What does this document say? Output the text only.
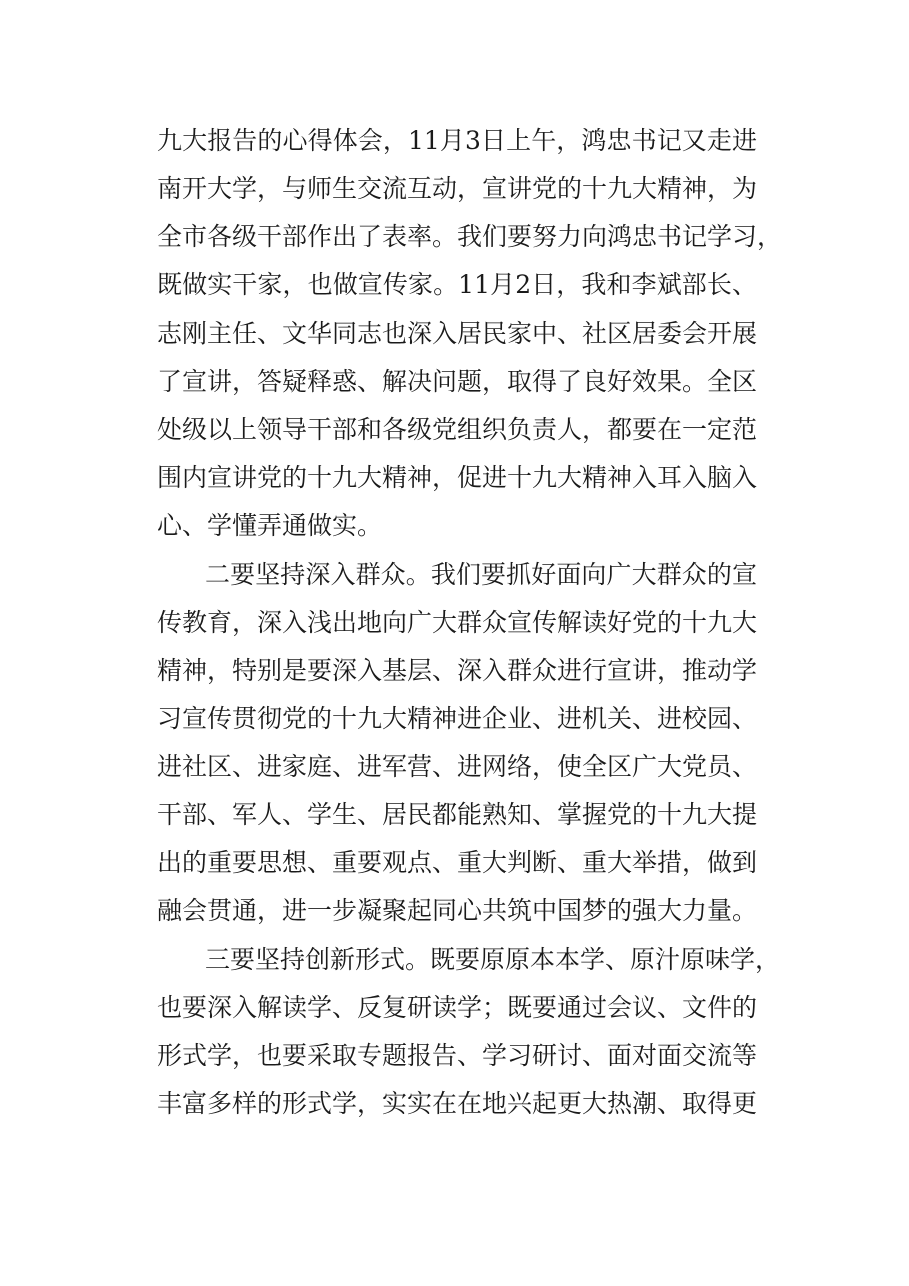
九大报告的心得体会，11月3日上午，鸿忠书记又走进
南开大学，与师生交流互动，宣讲党的十九大精神，为
全市各级干部作出了表率。我们要努力向鸿忠书记学习，
既做实干家，也做宣传家。11月2日，我和李斌部长、
志刚主任、文华同志也深入居民家中、社区居委会开展
了宣讲，答疑释惑、解决问题，取得了良好效果。全区
处级以上领导干部和各级党组织负责人，都要在一定范
围内宣讲党的十九大精神，促进十九大精神入耳入脑入
心、学懂弄通做实。
二要坚持深入群众。我们要抓好面向广大群众的宣
传教育，深入浅出地向广大群众宣传解读好党的十九大
精神，特别是要深入基层、深入群众进行宣讲，推动学
习宣传贯彻党的十九大精神进企业、进机关、进校园、
进社区、进家庭、进军营、进网络，使全区广大党员、
干部、军人、学生、居民都能熟知、掌握党的十九大提
出的重要思想、重要观点、重大判断、重大举措，做到
融会贯通，进一步凝聚起同心共筑中国梦的强大力量。
三要坚持创新形式。既要原原本本学、原汁原味学，
也要深入解读学、反复研读学；既要通过会议、文件的
形式学，也要采取专题报告、学习研讨、面对面交流等
丰富多样的形式学，实实在在地兴起更大热潮、取得更
